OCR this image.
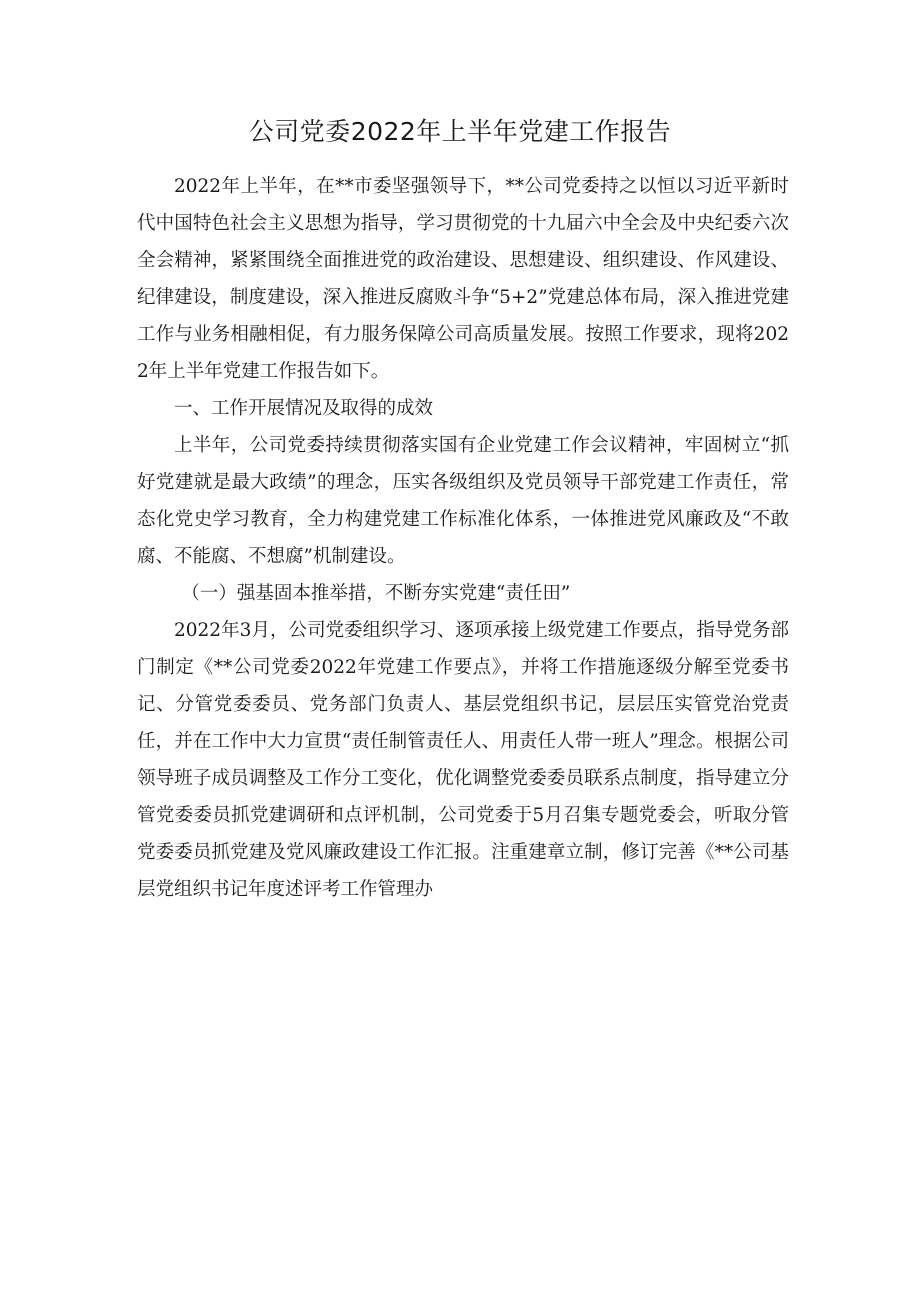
公司党委2022年上半年党建工作报告

2022年上半年，在**市委坚强领导下，**公司党委持之以恒以习近平新时代中国特色社会主义思想为指导，学习贯彻党的十九届六中全会及中央纪委六次全会精神，紧紧围绕全面推进党的政治建设、思想建设、组织建设、作风建设、纪律建设，制度建设，深入推进反腐败斗争“5+2”党建总体布局，深入推进党建工作与业务相融相促，有力服务保障公司高质量发展。按照工作要求，现将2022年上半年党建工作报告如下。

一、工作开展情况及取得的成效

上半年，公司党委持续贯彻落实国有企业党建工作会议精神，牢固树立“抓好党建就是最大政绩”的理念，压实各级组织及党员领导干部党建工作责任，常态化党史学习教育，全力构建党建工作标准化体系，一体推进党风廉政及“不敢腐、不能腐、不想腐”机制建设。

（一）强基固本推举措，不断夯实党建“责任田”

2022年3月，公司党委组织学习、逐项承接上级党建工作要点，指导党务部门制定《**公司党委2022年党建工作要点》，并将工作措施逐级分解至党委书记、分管党委委员、党务部门负责人、基层党组织书记，层层压实管党治党责任，并在工作中大力宣贯“责任制管责任人、用责任人带一班人”理念。根据公司领导班子成员调整及工作分工变化，优化调整党委委员联系点制度，指导建立分管党委委员抓党建调研和点评机制，公司党委于5月召集专题党委会，听取分管党委委员抓党建及党风廉政建设工作汇报。注重建章立制，修订完善《**公司基层党组织书记年度述评考工作管理办
